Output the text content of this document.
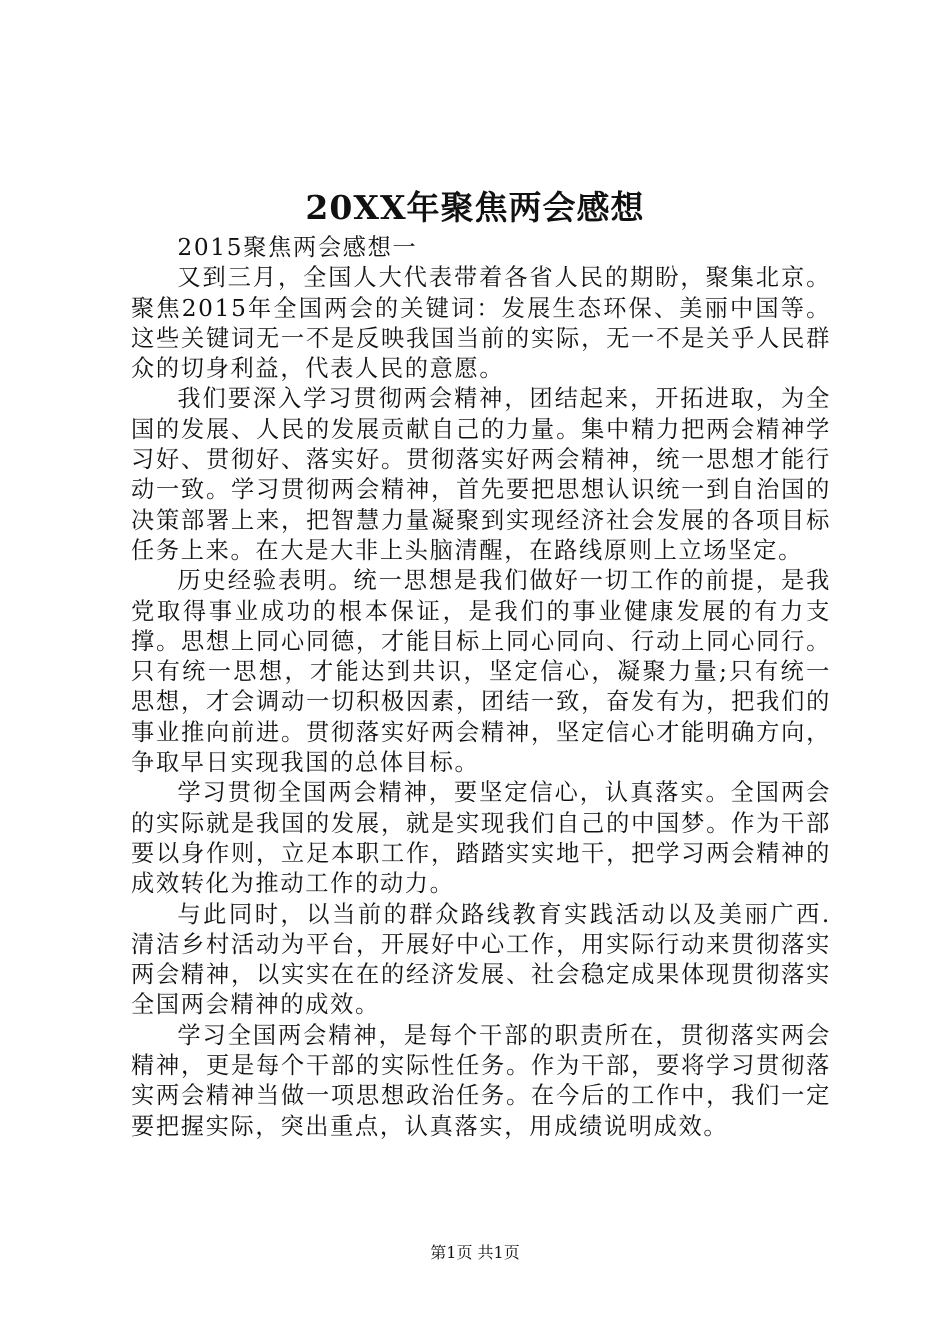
20XX年聚焦两会感想

2015聚焦两会感想一

又到三月，全国人大代表带着各省人民的期盼，聚集北京。聚焦2015年全国两会的关键词：发展生态环保、美丽中国等。这些关键词无一不是反映我国当前的实际，无一不是关乎人民群众的切身利益，代表人民的意愿。

我们要深入学习贯彻两会精神，团结起来，开拓进取，为全国的发展、人民的发展贡献自己的力量。集中精力把两会精神学习好、贯彻好、落实好。贯彻落实好两会精神，统一思想才能行动一致。学习贯彻两会精神，首先要把思想认识统一到自治国的决策部署上来，把智慧力量凝聚到实现经济社会发展的各项目标任务上来。在大是大非上头脑清醒，在路线原则上立场坚定。

历史经验表明。统一思想是我们做好一切工作的前提，是我党取得事业成功的根本保证，是我们的事业健康发展的有力支撑。思想上同心同德，才能目标上同心同向、行动上同心同行。只有统一思想，才能达到共识，坚定信心，凝聚力量;只有统一思想，才会调动一切积极因素，团结一致，奋发有为，把我们的事业推向前进。贯彻落实好两会精神，坚定信心才能明确方向，争取早日实现我国的总体目标。

学习贯彻全国两会精神，要坚定信心，认真落实。全国两会的实际就是我国的发展，就是实现我们自己的中国梦。作为干部要以身作则，立足本职工作，踏踏实实地干，把学习两会精神的成效转化为推动工作的动力。

与此同时，以当前的群众路线教育实践活动以及美丽广西.清洁乡村活动为平台，开展好中心工作，用实际行动来贯彻落实两会精神，以实实在在的经济发展、社会稳定成果体现贯彻落实全国两会精神的成效。

学习全国两会精神，是每个干部的职责所在，贯彻落实两会精神，更是每个干部的实际性任务。作为干部，要将学习贯彻落实两会精神当做一项思想政治任务。在今后的工作中，我们一定要把握实际，突出重点，认真落实，用成绩说明成效。

第1页 共1页
